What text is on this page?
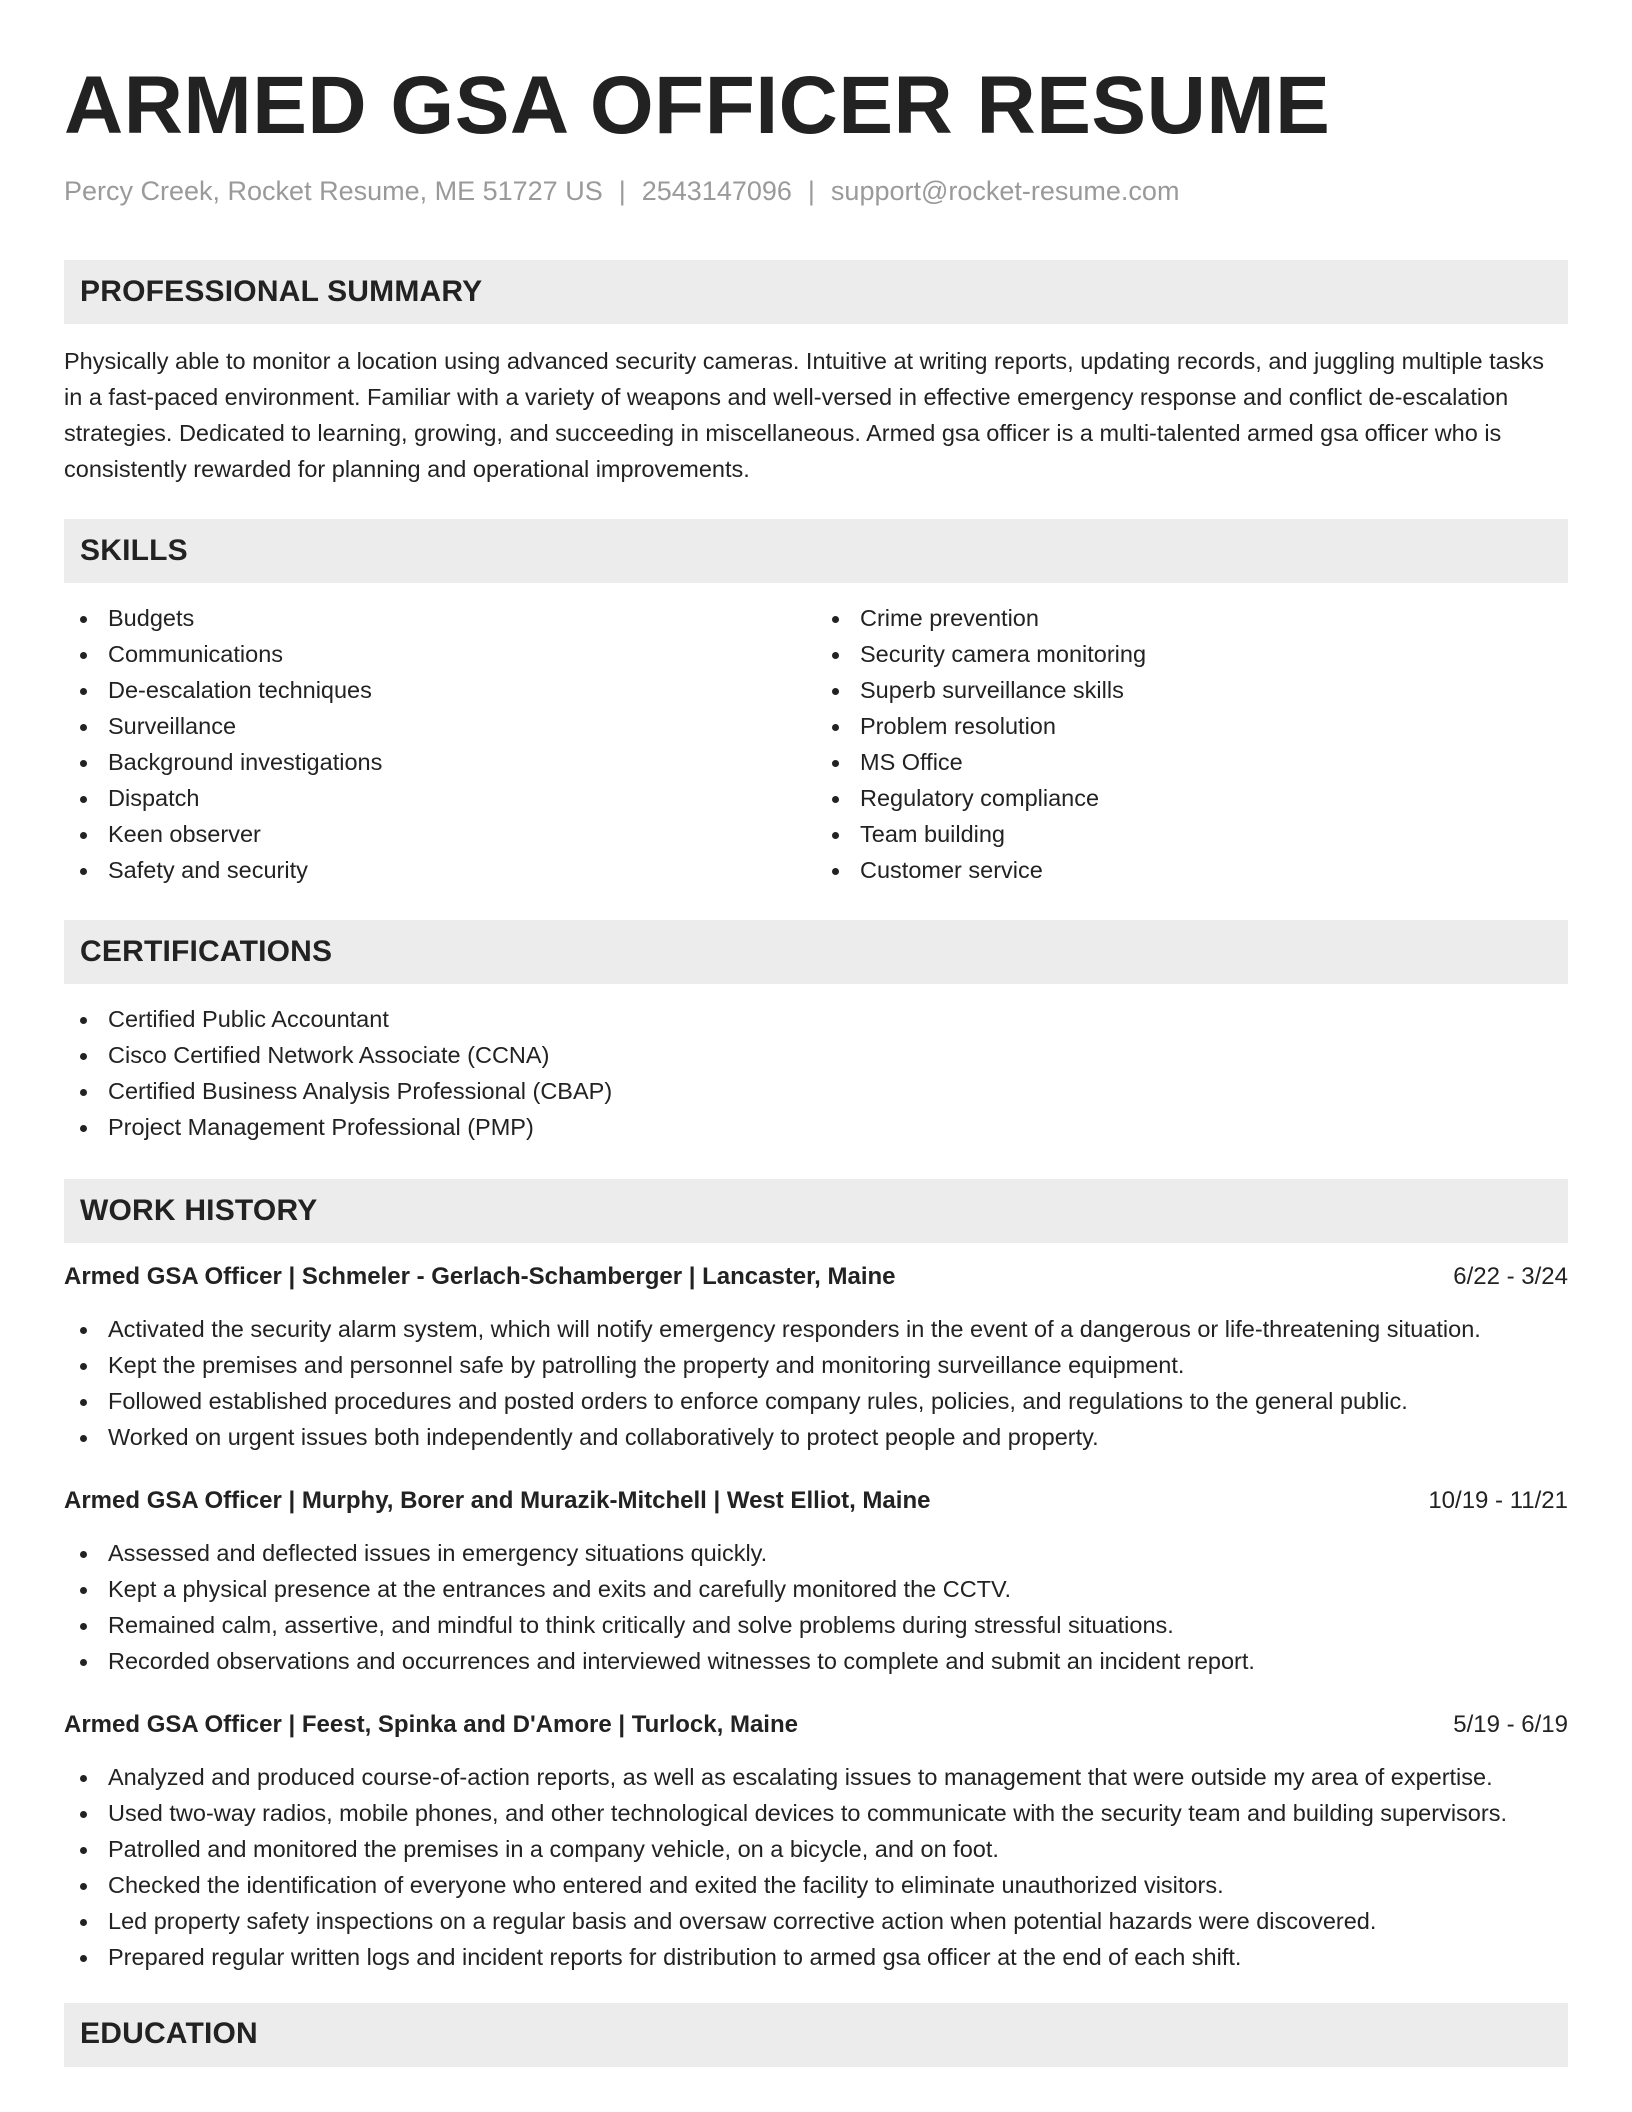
ARMED GSA OFFICER RESUME
Percy Creek, Rocket Resume, ME 51727 US | 2543147096 | support@rocket-resume.com
PROFESSIONAL SUMMARY

Physically able to monitor a location using advanced security cameras. Intuitive at writing reports, updating records, and juggling multiple tasks in a fast-paced environment. Familiar with a variety of weapons and well-versed in effective emergency response and conflict de-escalation strategies. Dedicated to learning, growing, and succeeding in miscellaneous. Armed gsa officer is a multi-talented armed gsa officer who is consistently rewarded for planning and operational improvements.

SKILLS
Budgets
Communications
De-escalation techniques
Surveillance
Background investigations
Dispatch
Keen observer
Safety and security
Crime prevention
Security camera monitoring
Superb surveillance skills
Problem resolution
MS Office
Regulatory compliance
Team building
Customer service
CERTIFICATIONS
Certified Public Accountant
Cisco Certified Network Associate (CCNA)
Certified Business Analysis Professional (CBAP)
Project Management Professional (PMP)
WORK HISTORY
Armed GSA Officer | Schmeler - Gerlach-Schamberger | Lancaster, Maine	6/22 - 3/24
Activated the security alarm system, which will notify emergency responders in the event of a dangerous or life-threatening situation.
Kept the premises and personnel safe by patrolling the property and monitoring surveillance equipment.
Followed established procedures and posted orders to enforce company rules, policies, and regulations to the general public.
Worked on urgent issues both independently and collaboratively to protect people and property.
Armed GSA Officer | Murphy, Borer and Murazik-Mitchell | West Elliot, Maine	10/19 - 11/21
Assessed and deflected issues in emergency situations quickly.
Kept a physical presence at the entrances and exits and carefully monitored the CCTV.
Remained calm, assertive, and mindful to think critically and solve problems during stressful situations.
Recorded observations and occurrences and interviewed witnesses to complete and submit an incident report.
Armed GSA Officer | Feest, Spinka and D'Amore | Turlock, Maine	5/19 - 6/19
Analyzed and produced course-of-action reports, as well as escalating issues to management that were outside my area of expertise.
Used two-way radios, mobile phones, and other technological devices to communicate with the security team and building supervisors.
Patrolled and monitored the premises in a company vehicle, on a bicycle, and on foot.
Checked the identification of everyone who entered and exited the facility to eliminate unauthorized visitors.
Led property safety inspections on a regular basis and oversaw corrective action when potential hazards were discovered.
Prepared regular written logs and incident reports for distribution to armed gsa officer at the end of each shift.
EDUCATION
